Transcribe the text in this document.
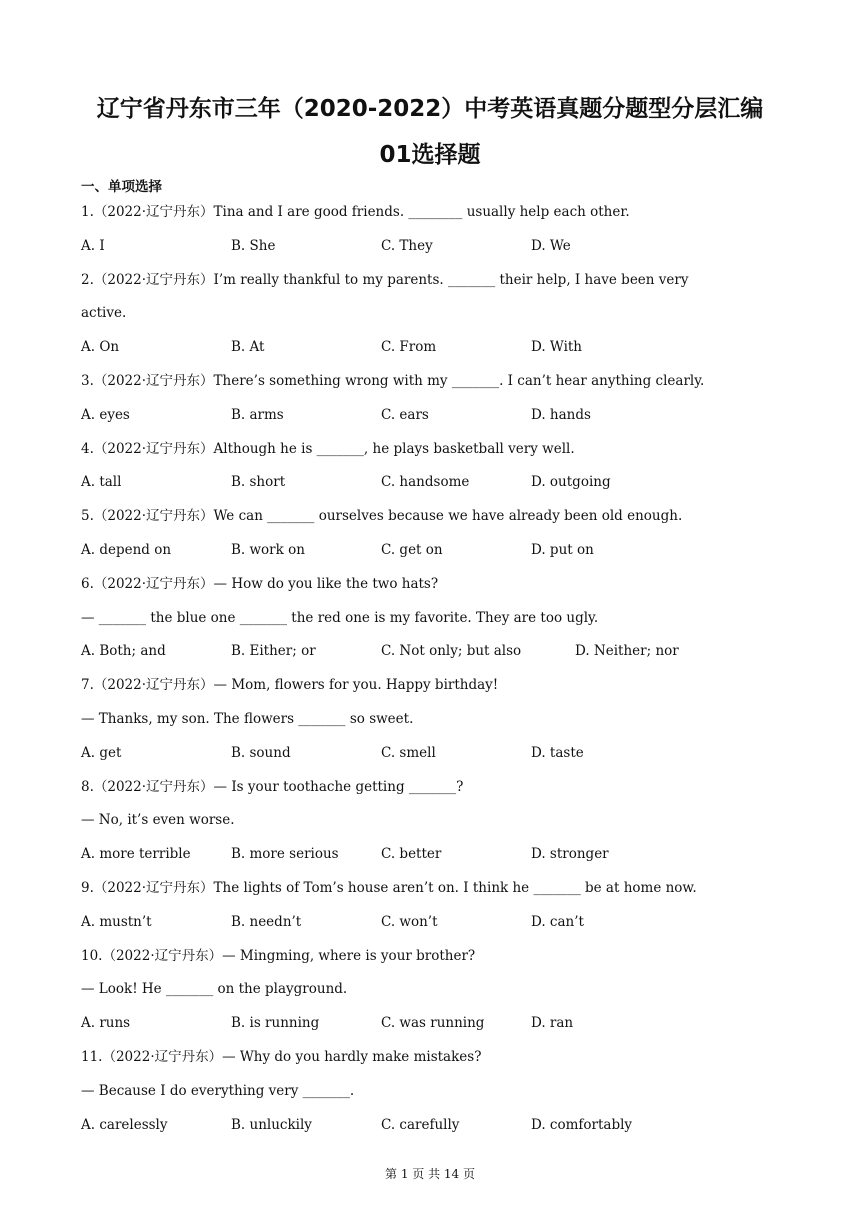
辽宁省丹东市三年（2020-2022）中考英语真题分题型分层汇编
01选择题
一、单项选择
1.（2022·辽宁丹东）Tina and I are good friends. ________ usually help each other.
A. I	B. She	C. They	D. We
2.（2022·辽宁丹东）I’m really thankful to my parents. _______ their help, I have been very
active.
A. On	B. At	C. From	D. With
3.（2022·辽宁丹东）There’s something wrong with my _______. I can’t hear anything clearly.
A. eyes	B. arms	C. ears	D. hands
4.（2022·辽宁丹东）Although he is _______, he plays basketball very well.
A. tall	B. short	C. handsome	D. outgoing
5.（2022·辽宁丹东）We can _______ ourselves because we have already been old enough.
A. depend on	B. work on	C. get on	D. put on
6.（2022·辽宁丹东）— How do you like the two hats?
— _______ the blue one _______ the red one is my favorite. They are too ugly.
A. Both; and	B. Either; or	C. Not only; but also	D. Neither; nor
7.（2022·辽宁丹东）— Mom, flowers for you. Happy birthday!
— Thanks, my son. The flowers _______ so sweet.
A. get	B. sound	C. smell	D. taste
8.（2022·辽宁丹东）— Is your toothache getting _______?
— No, it’s even worse.
A. more terrible	B. more serious	C. better	D. stronger
9.（2022·辽宁丹东）The lights of Tom’s house aren’t on. I think he _______ be at home now.
A. mustn’t	B. needn’t	C. won’t	D. can’t
10.（2022·辽宁丹东）— Mingming, where is your brother?
— Look! He _______ on the playground.
A. runs	B. is running	C. was running	D. ran
11.（2022·辽宁丹东）— Why do you hardly make mistakes?
— Because I do everything very _______.
A. carelessly	B. unluckily	C. carefully	D. comfortably
第 1 页 共 14 页
